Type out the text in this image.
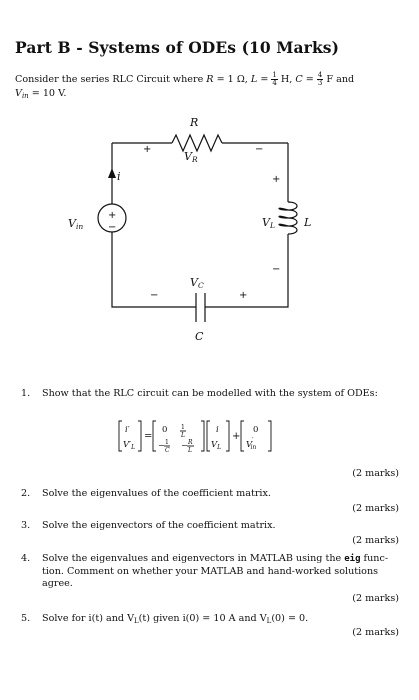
Part B - Systems of ODEs (10 Marks)
Consider the series RLC Circuit where R = 1 Ω, $L = \frac{1}{4} H$, $C = \frac{4}{3}$ F and
$V_{in} = 10$ V.
R
VR
i
Vin	VL	L
VC
C
+	−
+
−
+
−
−	+
1. Show that the RLC circuit can be modelled with the system of ODEs:
i′
$V'_L$
=
0 1
L
− 1
C
− R
L
i
$V_L$
+
0
V′ in
(2 marks)
2. Solve the eigenvalues of the coefficient matrix.
(2 marks)
3. Solve the eigenvectors of the coefficient matrix.
(2 marks)
4. Solve the eigenvalues and eigenvectors in MATLAB using the eig func-
tion. Comment on whether your MATLAB and hand-worked solutions
agree.
(2 marks)
5. Solve for i(t) and $V_L(t)$ given i(0) = 10 A and $V_L(0) = 0$.
(2 marks)
